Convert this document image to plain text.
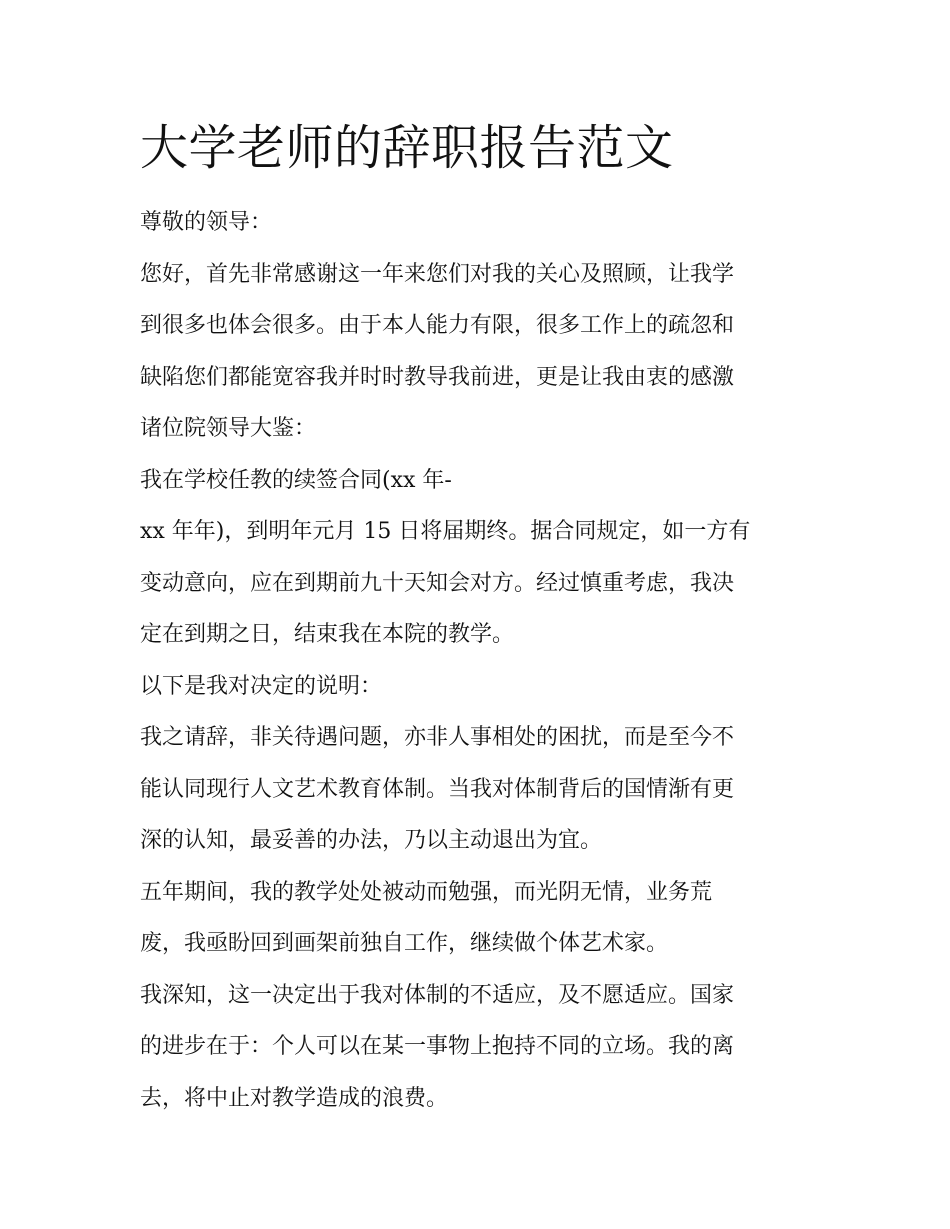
大学老师的辞职报告范文

尊敬的领导：

您好，首先非常感谢这一年来您们对我的关心及照顾，让我学

到很多也体会很多。由于本人能力有限，很多工作上的疏忽和

缺陷您们都能宽容我并时时教导我前进，更是让我由衷的感激

诸位院领导大鉴：

我在学校任教的续签合同(xx 年-

xx 年年)，到明年元月 15 日将届期终。据合同规定，如一方有

变动意向，应在到期前九十天知会对方。经过慎重考虑，我决

定在到期之日，结束我在本院的教学。

以下是我对决定的说明：

我之请辞，非关待遇问题，亦非人事相处的困扰，而是至今不

能认同现行人文艺术教育体制。当我对体制背后的国情渐有更

深的认知，最妥善的办法，乃以主动退出为宜。

五年期间，我的教学处处被动而勉强，而光阴无情，业务荒

废，我亟盼回到画架前独自工作，继续做个体艺术家。

我深知，这一决定出于我对体制的不适应，及不愿适应。国家

的进步在于：个人可以在某一事物上抱持不同的立场。我的离

去，将中止对教学造成的浪费。
